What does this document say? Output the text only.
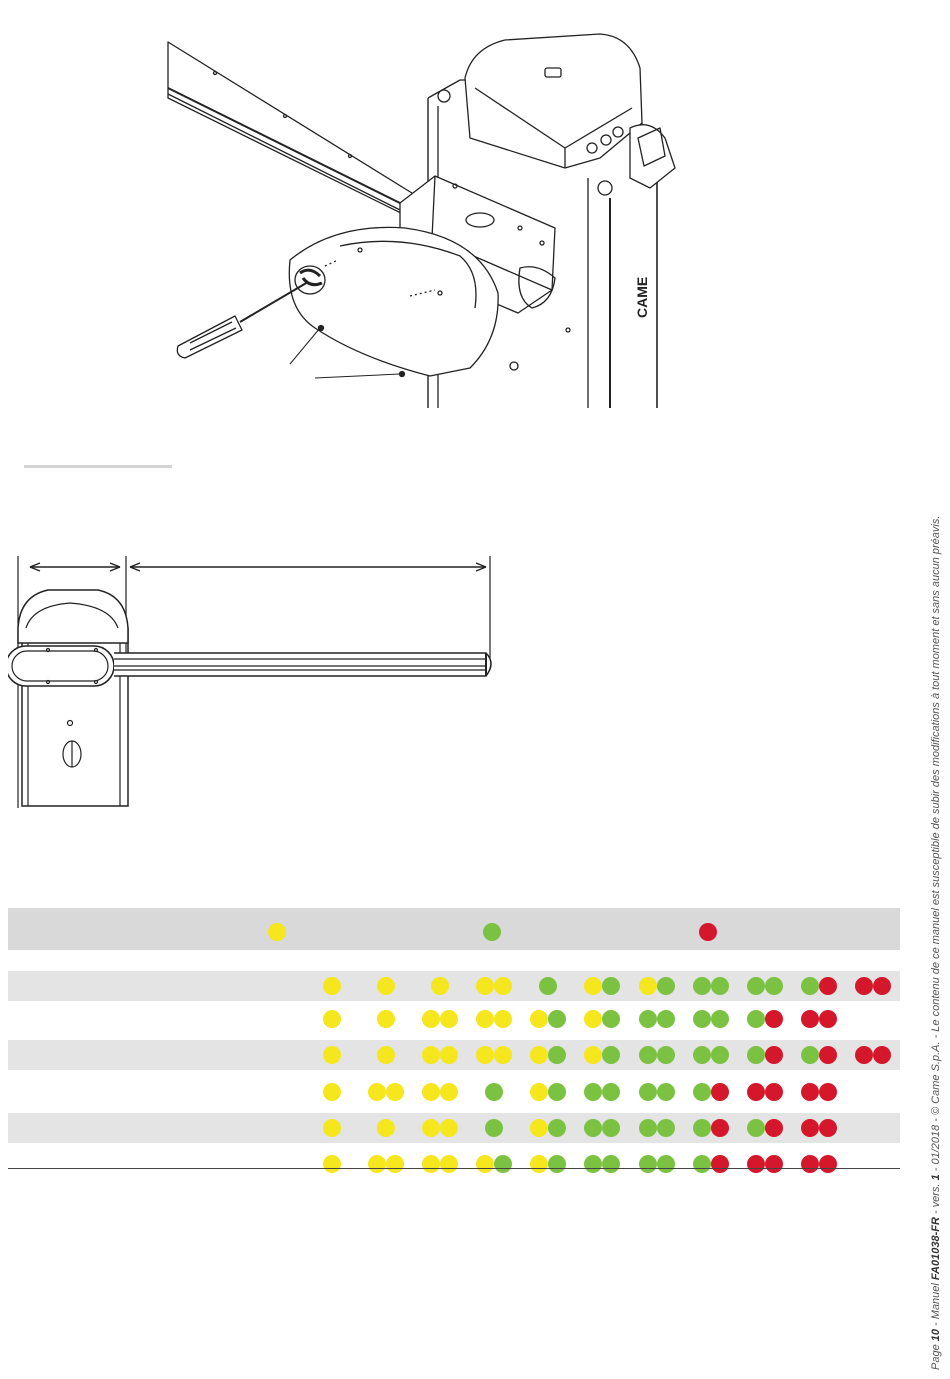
CAME
Page 10 - Manuel FA01038-FR - vers. 1 - 01/2018 - © Came S.p.A. - Le contenu de ce manuel est susceptible de subir des modifications à tout moment et sans aucun préavis.
